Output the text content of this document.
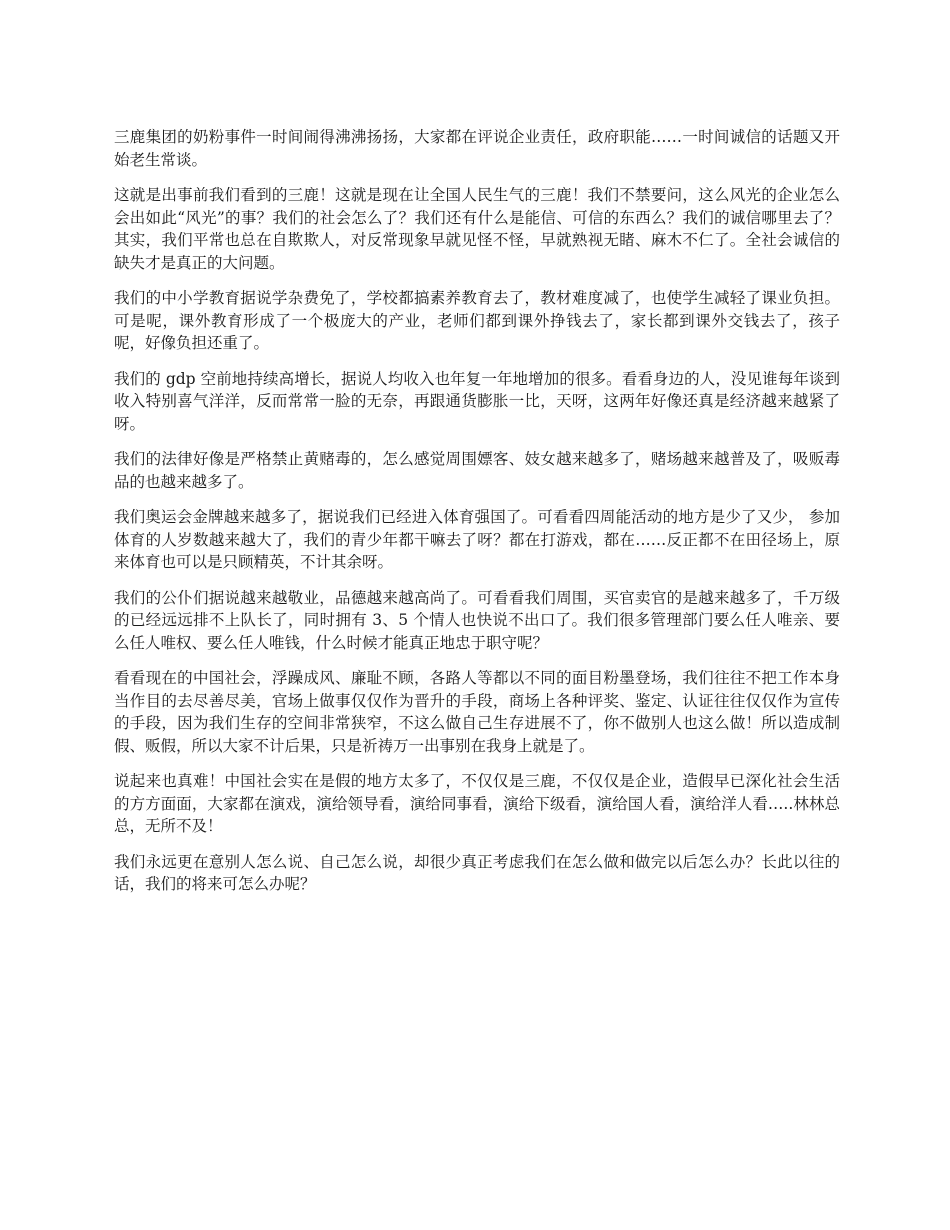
三鹿集团的奶粉事件一时间闹得沸沸扬扬，大家都在评说企业责任，政府职能……一时间诚信的话题又开始老生常谈。

这就是出事前我们看到的三鹿！这就是现在让全国人民生气的三鹿！我们不禁要问，这么风光的企业怎么会出如此“风光”的事？我们的社会怎么了？我们还有什么是能信、可信的东西么？我们的诚信哪里去了？其实，我们平常也总在自欺欺人，对反常现象早就见怪不怪，早就熟视无睹、麻木不仁了。全社会诚信的缺失才是真正的大问题。

我们的中小学教育据说学杂费免了，学校都搞素养教育去了，教材难度减了，也使学生减轻了课业负担。可是呢，课外教育形成了一个极庞大的产业，老师们都到课外挣钱去了，家长都到课外交钱去了，孩子呢，好像负担还重了。

我们的 gdp 空前地持续高增长，据说人均收入也年复一年地增加的很多。看看身边的人，没见谁每年谈到收入特别喜气洋洋，反而常常一脸的无奈，再跟通货膨胀一比，天呀，这两年好像还真是经济越来越紧了呀。

我们的法律好像是严格禁止黄赌毒的，怎么感觉周围嫖客、妓女越来越多了，赌场越来越普及了，吸贩毒品的也越来越多了。

我们奥运会金牌越来越多了，据说我们已经进入体育强国了。可看看四周能活动的地方是少了又少， 参加体育的人岁数越来越大了，我们的青少年都干嘛去了呀？都在打游戏，都在……反正都不在田径场上，原来体育也可以是只顾精英，不计其余呀。

我们的公仆们据说越来越敬业，品德越来越高尚了。可看看我们周围，买官卖官的是越来越多了，千万级的已经远远排不上队长了，同时拥有 3、5 个情人也快说不出口了。我们很多管理部门要么任人唯亲、要么任人唯权、要么任人唯钱，什么时候才能真正地忠于职守呢？

看看现在的中国社会，浮躁成风、廉耻不顾，各路人等都以不同的面目粉墨登场，我们往往不把工作本身当作目的去尽善尽美，官场上做事仅仅作为晋升的手段，商场上各种评奖、鉴定、认证往往仅仅作为宣传的手段，因为我们生存的空间非常狭窄，不这么做自己生存进展不了，你不做别人也这么做！所以造成制假、贩假，所以大家不计后果，只是祈祷万一出事别在我身上就是了。

说起来也真难！中国社会实在是假的地方太多了，不仅仅是三鹿，不仅仅是企业，造假早已深化社会生活的方方面面，大家都在演戏，演给领导看，演给同事看，演给下级看，演给国人看，演给洋人看…..林林总总，无所不及！

我们永远更在意别人怎么说、自己怎么说，却很少真正考虑我们在怎么做和做完以后怎么办？长此以往的话，我们的将来可怎么办呢？
